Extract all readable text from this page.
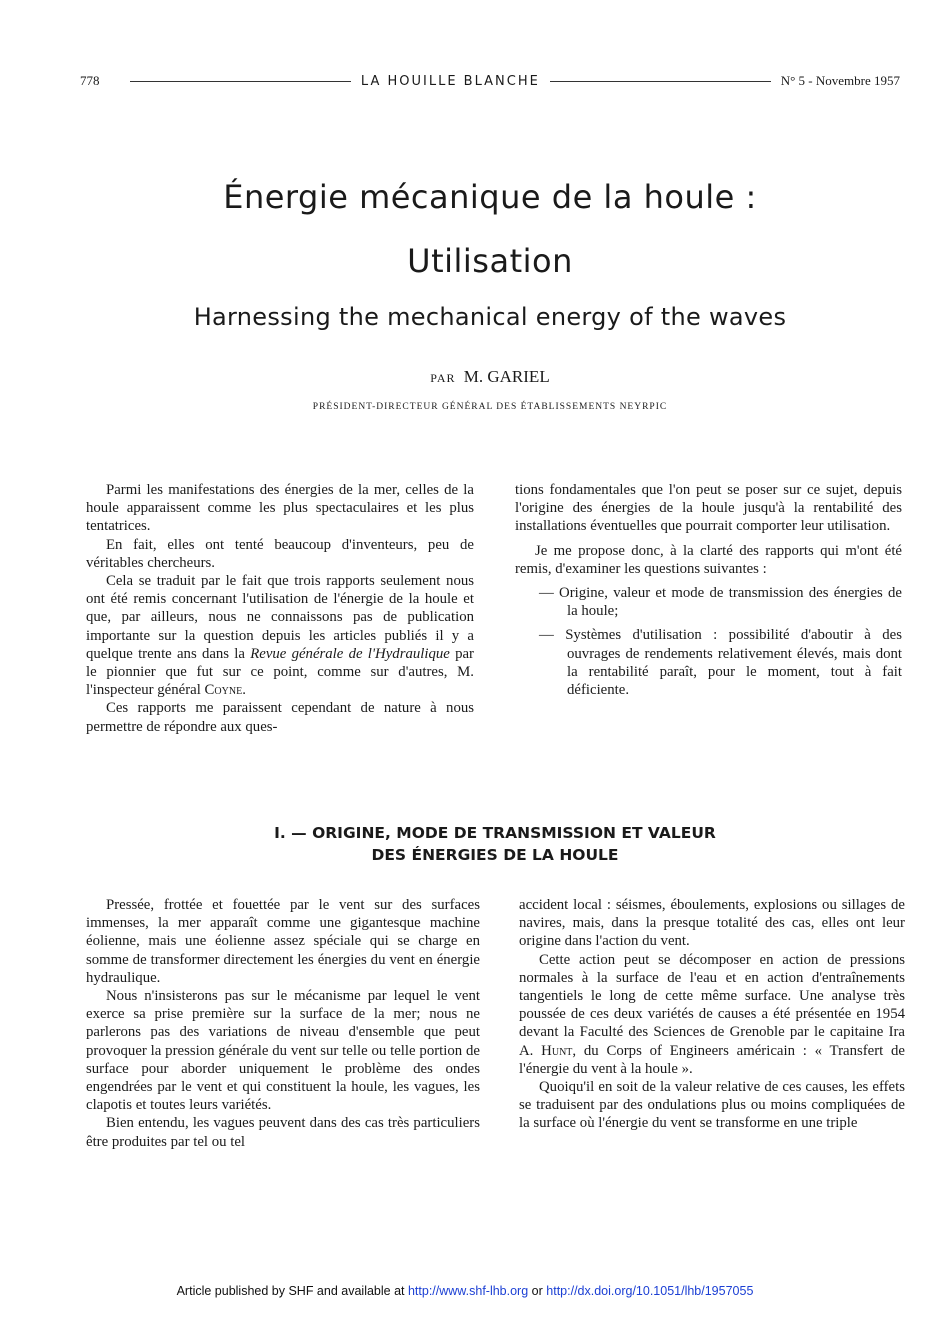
778	LA HOUILLE BLANCHE	N° 5 - Novembre 1957
Énergie mécanique de la houle :
Utilisation
Harnessing the mechanical energy of the waves
PAR M. GARIEL
PRÉSIDENT-DIRECTEUR GÉNÉRAL DES ÉTABLISSEMENTS NEYRPIC

Parmi les manifestations des énergies de la mer, celles de la houle apparaissent comme les plus spectaculaires et les plus tentatrices.

En fait, elles ont tenté beaucoup d'inventeurs, peu de véritables chercheurs.

Cela se traduit par le fait que trois rapports seulement nous ont été remis concernant l'utilisation de l'énergie de la houle et que, par ailleurs, nous ne connaissons pas de publication importante sur la question depuis les articles publiés il y a quelque trente ans dans la Revue générale de l'Hydraulique par le pionnier que fut sur ce point, comme sur d'autres, M. l'inspecteur général Coyne.

Ces rapports me paraissent cependant de nature à nous permettre de répondre aux ques-

tions fondamentales que l'on peut se poser sur ce sujet, depuis l'origine des énergies de la houle jusqu'à la rentabilité des installations éventuelles que pourrait comporter leur utilisation.

Je me propose donc, à la clarté des rapports qui m'ont été remis, d'examiner les questions suivantes :

— Origine, valeur et mode de transmission des énergies de la houle;

— Systèmes d'utilisation : possibilité d'aboutir à des ouvrages de rendements relativement élevés, mais dont la rentabilité paraît, pour le moment, tout à fait déficiente.

I. — ORIGINE, MODE DE TRANSMISSION ET VALEUR
DES ÉNERGIES DE LA HOULE

Pressée, frottée et fouettée par le vent sur des surfaces immenses, la mer apparaît comme une gigantesque machine éolienne, mais une éolienne assez spéciale qui se charge en somme de transformer directement les énergies du vent en énergie hydraulique.

Nous n'insisterons pas sur le mécanisme par lequel le vent exerce sa prise première sur la surface de la mer; nous ne parlerons pas des variations de niveau d'ensemble que peut provoquer la pression générale du vent sur telle ou telle portion de surface pour aborder uniquement le problème des ondes engendrées par le vent et qui constituent la houle, les vagues, les clapotis et toutes leurs variétés.

Bien entendu, les vagues peuvent dans des cas très particuliers être produites par tel ou tel

accident local : séismes, éboulements, explosions ou sillages de navires, mais, dans la presque totalité des cas, elles ont leur origine dans l'action du vent.

Cette action peut se décomposer en action de pressions normales à la surface de l'eau et en action d'entraînements tangentiels le long de cette même surface. Une analyse très poussée de ces deux variétés de causes a été présentée en 1954 devant la Faculté des Sciences de Grenoble par le capitaine Ira A. Hunt, du Corps of Engineers américain : « Transfert de l'énergie du vent à la houle ».

Quoiqu'il en soit de la valeur relative de ces causes, les effets se traduisent par des ondulations plus ou moins compliquées de la surface où l'énergie du vent se transforme en une triple

Article published by SHF and available at http://www.shf-lhb.org or http://dx.doi.org/10.1051/lhb/1957055
